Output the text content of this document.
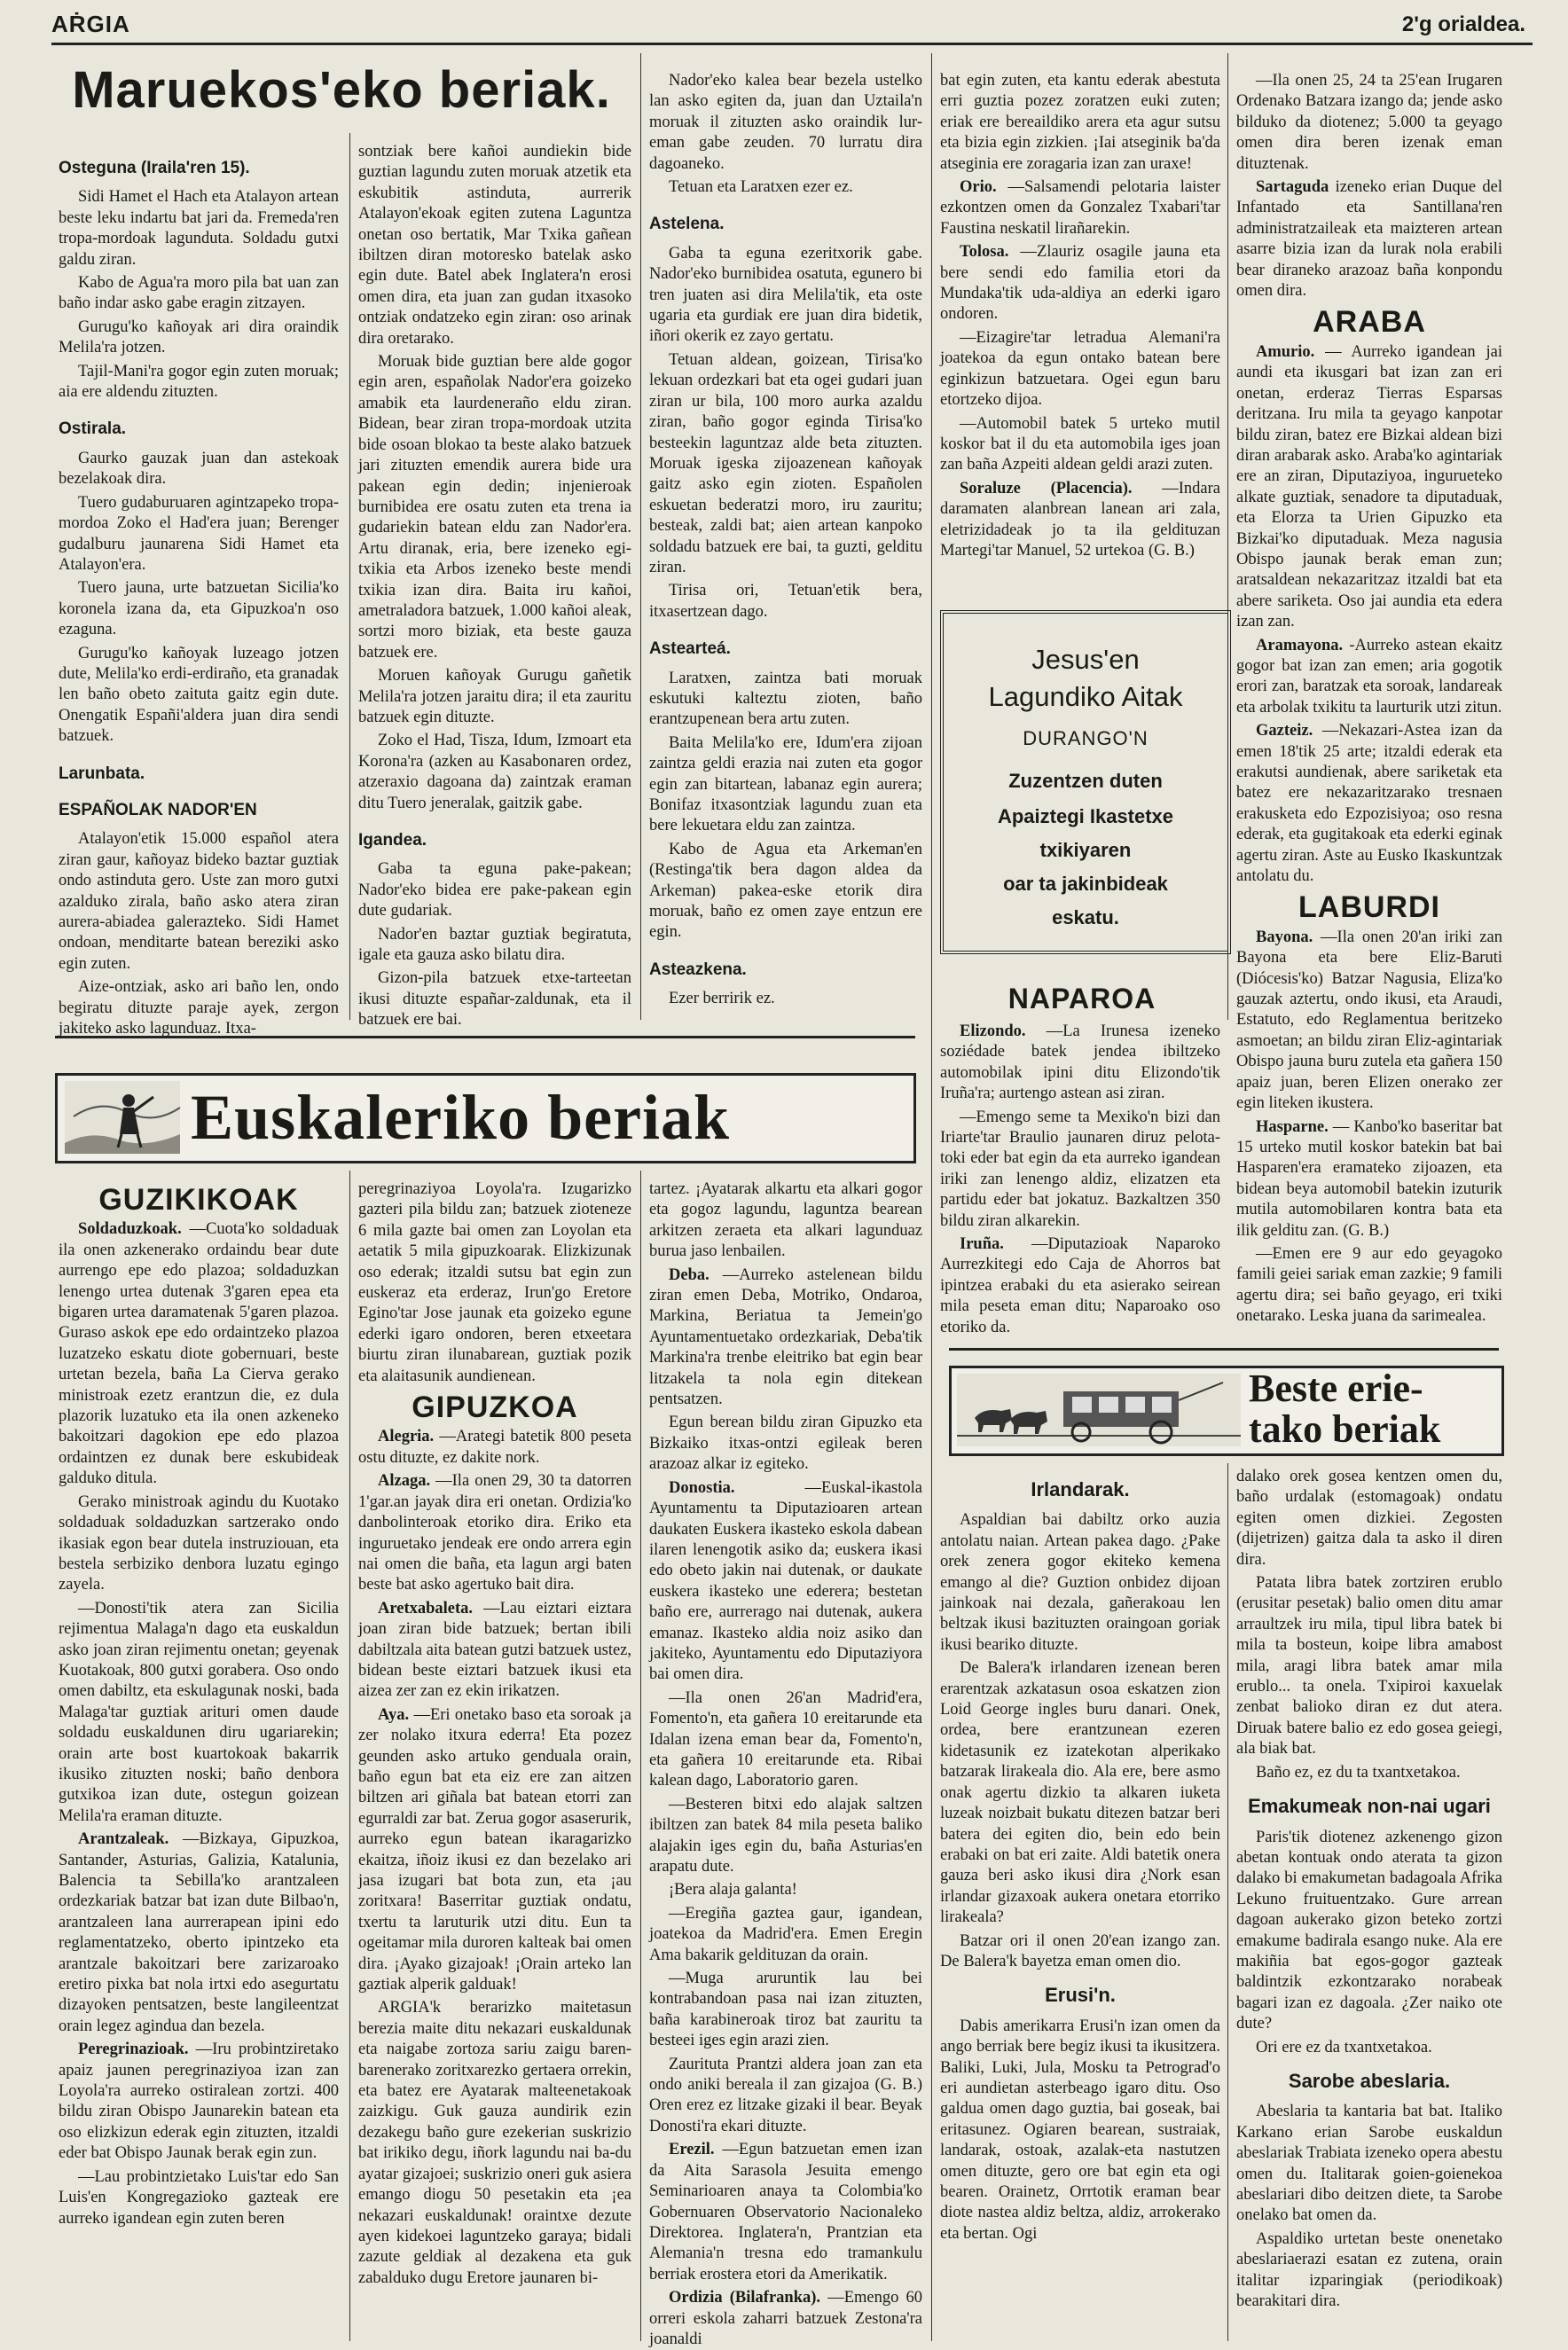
AṘGIA	2'g orialdea.
Maruekos'eko beriak.
Osteguna (Iraila'ren 15).

Sidi Hamet el Hach eta Atalayon artean beste leku indartu bat jari da. Fremeda'ren tropa-mordoak lagunduta. Soldadu gutxi galdu ziran.

Kabo de Agua'ra moro pila bat uan zan baño indar asko gabe eragin zitzayen.

Gurugu'ko kañoyak ari dira oraindik Melila'ra jotzen.

Tajil-Mani'ra gogor egin zuten moruak; aia ere aldendu zituzten.

Ostirala.

Gaurko gauzak juan dan astekoak bezelakoak dira.

Tuero gudaburuaren agintzapeko tropa-mordoa Zoko el Had'era juan; Berenger gudalburu jaunarena Sidi Hamet eta Atalayon'era.

Tuero jauna, urte batzuetan Sicilia'ko koronela izana da, eta Gipuzkoa'n oso ezaguna.

Gurugu'ko kañoyak luzeago jotzen dute, Melila'ko erdi-erdiraño, eta granadak len baño obeto zaituta gaitz egin dute. Onengatik Españi'aldera juan dira sendi batzuek.

Larunbata.
ESPAÑOLAK NADOR'EN

Atalayon'etik 15.000 español atera ziran gaur, kañoyaz bideko baztar guztiak ondo astinduta gero. Uste zan moro gutxi azalduko zirala, baño asko atera ziran aurera-abiadea galerazteko. Sidi Hamet ondoan, menditarte batean bereziki asko egin zuten.

Aize-ontziak, asko ari baño len, ondo begiratu dituzte paraje ayek, zergon jakiteko asko lagunduaz. Itxa-

sontziak bere kañoi aundiekin bide guztian lagundu zuten moruak atzetik eta eskubitik astinduta, aurrerik Atalayon'ekoak egiten zutena Laguntza onetan oso bertatik, Mar Txika gañean ibiltzen diran motoresko batelak asko egin dute. Batel abek Inglatera'n erosi omen dira, eta juan zan gudan itxasoko ontziak ondatzeko egin ziran: oso arinak dira oretarako.

Moruak bide guztian bere alde gogor egin aren, españolak Nador'era goizeko amabik eta laurdeneraño eldu ziran. Bidean, bear ziran tropa-mordoak utzita bide osoan blokao ta beste alako batzuek jari zituzten emendik aurera bide ura pakean egin dedin; injenieroak burnibidea ere osatu zuten eta trena ia gudariekin batean eldu zan Nador'era. Artu diranak, eria, bere izeneko egi-txikia eta Arbos izeneko beste mendi txikia izan dira. Baita iru kañoi, ametraladora batzuek, 1.000 kañoi aleak, sortzi moro biziak, eta beste gauza batzuek ere.

Moruen kañoyak Gurugu gañetik Melila'ra jotzen jaraitu dira; il eta zauritu batzuek egin dituzte.

Zoko el Had, Tisza, Idum, Izmoart eta Korona'ra (azken au Kasabonaren ordez, atzeraxio dagoana da) zaintzak eraman ditu Tuero jeneralak, gaitzik gabe.

Igandea.

Gaba ta eguna pake-pakean; Nador'eko bidea ere pake-pakean egin dute gudariak.

Nador'en baztar guztiak begiratuta, igale eta gauza asko bilatu dira.

Gizon-pila batzuek etxe-tarteetan ikusi dituzte españar-zaldunak, eta il batzuek ere bai.

Nador'eko kalea bear bezela ustelko lan asko egiten da, juan dan Uztaila'n moruak il zituzten asko oraindik lur-eman gabe zeuden. 70 lurratu dira dagoaneko.

Tetuan eta Laratxen ezer ez.

Astelena.

Gaba ta eguna ezeritxorik gabe. Nador'eko burnibidea osatuta, egunero bi tren juaten asi dira Melila'tik, eta oste ugaria eta gurdiak ere juan dira bidetik, iñori okerik ez zayo gertatu.

Tetuan aldean, goizean, Tirisa'ko lekuan ordezkari bat eta ogei gudari juan ziran ur bila, 100 moro aurka azaldu ziran, baño gogor eginda Tirisa'ko besteekin laguntzaz alde beta zituzten. Moruak igeska zijoazenean kañoyak gaitz asko egin zioten. Españolen eskuetan bederatzi moro, iru zauritu; besteak, zaldi bat; aien artean kanpoko soldadu batzuek ere bai, ta guzti, gelditu ziran.

Tirisa ori, Tetuan'etik bera, itxasertzean dago.

Astearteá.

Laratxen, zaintza bati moruak eskutuki kalteztu zioten, baño erantzupenean bera artu zuten.

Baita Melila'ko ere, Idum'era zijoan zaintza geldi erazia nai zuten eta gogor egin zan bitartean, labanaz egin aurera; Bonifaz itxasontziak lagundu zuan eta bere lekuetara eldu zan zaintza.

Kabo de Agua eta Arkeman'en (Restinga'tik bera dagon aldea da Arkeman) pakea-eske etorik dira moruak, baño ez omen zaye entzun ere egin.

Asteazkena.

Ezer berririk ez.

bat egin zuten, eta kantu ederak abestuta erri guztia pozez zoratzen euki zuten; eriak ere bereaildiko arera eta agur sutsu eta bizia egin zizkien. ¡Iai atseginik ba'da atseginia ere zoragaria izan zan uraxe!

Orio. —Salsamendi pelotaria laister ezkontzen omen da Gonzalez Txabari'tar Faustina neskatil lirañarekin.

Tolosa. —Zlauriz osagile jauna eta bere sendi edo familia etori da Mundaka'tik uda-aldiya an ederki igaro ondoren.

—Eizagire'tar letradua Alemani'ra joatekoa da egun ontako batean bere eginkizun batzuetara. Ogei egun baru etortzeko dijoa.

—Automobil batek 5 urteko mutil koskor bat il du eta automobila iges joan zan baña Azpeiti aldean geldi arazi zuten.

Soraluze (Placencia). —Indara daramaten alanbrean lanean ari zala, eletrizidadeak jo ta ila geldituzan Martegi'tar Manuel, 52 urtekoa (G. B.)

Jesus'en
Lagundiko Aitak
DURANGO'N
Zuzentzen duten
Apaiztegi Ikastetxe
txikiyaren
oar ta jakinbideak
eskatu.
NAPAROA

Elizondo. —La Irunesa izeneko soziédade batek jendea ibiltzeko automobilak ipini ditu Elizondo'tik Iruña'ra; aurtengo astean asi ziran.

—Emengo seme ta Mexiko'n bizi dan Iriarte'tar Braulio jaunaren diruz pelota-toki eder bat egin da eta aurreko igandean iriki zan lenengo aldiz, elizatzen eta partidu eder bat jokatuz. Bazkaltzen 350 bildu ziran alkarekin.

Iruña. —Diputazioak Naparoko Aurrezkitegi edo Caja de Ahorros bat ipintzea erabaki du eta asierako seirean mila peseta eman ditu; Naparoako oso etoriko da.

—Ila onen 25, 24 ta 25'ean Irugaren Ordenako Batzara izango da; jende asko bilduko da diotenez; 5.000 ta geyago omen dira beren izenak eman dituztenak.

Sartaguda izeneko erian Duque del Infantado eta Santillana'ren administratzaileak eta maizteren artean asarre bizia izan da lurak nola erabili bear diraneko arazoaz baña konpondu omen dira.

ARABA

Amurio. — Aurreko igandean jai aundi eta ikusgari bat izan zan eri onetan, erderaz Tierras Esparsas deritzana. Iru mila ta geyago kanpotar bildu ziran, batez ere Bizkai aldean bizi diran arabarak asko. Araba'ko agintariak ere an ziran, Diputaziyoa, ingurueteko alkate guztiak, senadore ta diputaduak, eta Elorza ta Urien Gipuzko eta Bizkai'ko diputaduak. Meza nagusia Obispo jaunak berak eman zun; aratsaldean nekazaritzaz itzaldi bat eta abere sariketa. Oso jai aundia eta edera izan zan.

Aramayona. -Aurreko astean ekaitz gogor bat izan zan emen; aria gogotik erori zan, baratzak eta soroak, landareak eta arbolak txikitu ta laurturik utzi zitun.

Gazteiz. —Nekazari-Astea izan da emen 18'tik 25 arte; itzaldi ederak eta erakutsi aundienak, abere sariketak eta batez ere nekazaritzarako tresnaen erakusketa edo Ezpozisiyoa; oso resna ederak, eta gugitakoak eta ederki eginak agertu ziran. Aste au Eusko Ikaskuntzak antolatu du.

LABURDI

Bayona. —Ila onen 20'an iriki zan Bayona eta bere Eliz-Baruti (Diócesis'ko) Batzar Nagusia, Eliza'ko gauzak aztertu, ondo ikusi, eta Araudi, Estatuto, edo Reglamentua beritzeko asmoetan; an bildu ziran Eliz-agintariak Obispo jauna buru zutela eta gañera 150 apaiz juan, beren Elizen onerako zer egin liteken ikustera.

Hasparne. — Kanbo'ko baseritar bat 15 urteko mutil koskor batekin bat bai Hasparen'era eramateko zijoazen, eta bidean beya automobil batekin izuturik mutila automobilaren kontra bata eta ilik gelditu zan. (G. B.)

—Emen ere 9 aur edo geyagoko famili geiei sariak eman zazkie; 9 famili agertu dira; sei baño geyago, eri txiki onetarako. Leska juana da sarimealea.

Euskaleriko beriak
GUZIKIKOAK

Soldaduzkoak. —Cuota'ko soldaduak ila onen azkenerako ordaindu bear dute aurrengo epe edo plazoa; soldaduzkan lenengo urtea dutenak 3'garen epea eta bigaren urtea daramatenak 5'garen plazoa. Guraso askok epe edo ordaintzeko plazoa luzatzeko eskatu diote gobernuari, beste urtetan bezela, baña La Cierva gerako ministroak ezetz erantzun die, ez dula plazorik luzatuko eta ila onen azkeneko bakoitzari dagokion epe edo plazoa ordaintzen ez dunak bere eskubideak galduko ditula.

Gerako ministroak agindu du Kuotako soldaduak soldaduzkan sartzerako ondo ikasiak egon bear dutela instruziouan, eta bestela serbiziko denbora luzatu egingo zayela.

—Donosti'tik atera zan Sicilia rejimentua Malaga'n dago eta euskaldun asko joan ziran rejimentu onetan; geyenak Kuotakoak, 800 gutxi gorabera. Oso ondo omen dabiltz, eta eskulagunak noski, bada Malaga'tar guztiak arituri omen daude soldadu euskaldunen diru ugariarekin; orain arte bost kuartokoak bakarrik ikusiko zituzten noski; baño denbora gutxikoa izan dute, ostegun goizean Melila'ra eraman dituzte.

Arantzaleak. —Bizkaya, Gipuzkoa, Santander, Asturias, Galizia, Katalunia, Balencia ta Sebilla'ko arantzaleen ordezkariak batzar bat izan dute Bilbao'n, arantzaleen lana aurrerapean ipini edo reglamentatzeko, oberto ipintzeko eta arantzale bakoitzari bere zarizaroako eretiro pixka bat nola irtxi edo asegurtatu dizayoken pentsatzen, beste langileentzat orain legez agindua dan bezela.

Peregrinazioak. —Iru probintziretako apaiz jaunen peregrinaziyoa izan zan Loyola'ra aurreko ostiralean zortzi. 400 bildu ziran Obispo Jaunarekin batean eta oso elizkizun ederak egin zituzten, itzaldi eder bat Obispo Jaunak berak egin zun.

—Lau probintzietako Luis'tar edo San Luis'en Kongregazioko gazteak ere aurreko igandean egin zuten beren

peregrinaziyoa Loyola'ra. Izugarizko gazteri pila bildu zan; batzuek zioteneze 6 mila gazte bai omen zan Loyolan eta aetatik 5 mila gipuzkoarak. Elizkizunak oso ederak; itzaldi sutsu bat egin zun euskeraz eta erderaz, Irun'go Eretore Egino'tar Jose jaunak eta goizeko egune ederki igaro ondoren, beren etxeetara biurtu ziran ilunabarean, guztiak pozik eta alaitasunik aundienean.

GIPUZKOA

Alegria. —Arategi batetik 800 peseta ostu dituzte, ez dakite nork.

Alzaga. —Ila onen 29, 30 ta datorren 1'gar.an jayak dira eri onetan. Ordizia'ko danbolinteroak etoriko dira. Eriko eta inguruetako jendeak ere ondo arrera egin nai omen die baña, eta lagun argi baten beste bat asko agertuko bait dira.

Aretxabaleta. —Lau eiztari eiztara joan ziran bide batzuek; bertan ibili dabiltzala aita batean gutzi batzuek ustez, bidean beste eiztari batzuek ikusi eta aizea zer zan ez ekin irikatzen.

Aya. —Eri onetako baso eta soroak ¡a zer nolako itxura ederra! Eta pozez geunden asko artuko genduala orain, baño egun bat eta eiz ere zan aitzen biltzen ari giñala bat batean etorri zan egurraldi zar bat. Zerua gogor asaserurik, aurreko egun batean ikaragarizko ekaitza, iñoiz ikusi ez dan bezelako ari jasa izugari bat bota zun, eta ¡au zoritxara! Baserritar guztiak ondatu, txertu ta laruturik utzi ditu. Eun ta ogeitamar mila duroren kalteak bai omen dira. ¡Ayako gizajoak! ¡Orain arteko lan gaztiak alperik galduak!

ARGIA'k berarizko maitetasun berezia maite ditu nekazari euskaldunak eta naigabe zortoza sariu zaigu baren-barenerako zoritxarezko gertaera orrekin, eta batez ere Ayatarak malteenetakoak zaizkigu. Guk gauza aundirik ezin dezakegu baño gure ezekerian suskrizio bat irikiko degu, iñork lagundu nai ba-du ayatar gizajoei; suskrizio oneri guk asiera emango diogu 50 pesetakin eta ¡ea nekazari euskaldunak! oraintxe dezute ayen kidekoei laguntzeko garaya; bidali zazute geldiak al dezakena eta guk zabalduko dugu Eretore jaunaren bi-

tartez. ¡Ayatarak alkartu eta alkari gogor eta gogoz lagundu, laguntza bearean arkitzen zeraeta eta alkari lagunduaz burua jaso lenbailen.

Deba. —Aurreko astelenean bildu ziran emen Deba, Motriko, Ondaroa, Markina, Beriatua ta Jemein'go Ayuntamentuetako ordezkariak, Deba'tik Markina'ra trenbe eleitriko bat egin bear litzakela ta nola egin ditekean pentsatzen.

Egun berean bildu ziran Gipuzko eta Bizkaiko itxas-ontzi egileak beren arazoaz alkar iz egiteko.

Donostia. —Euskal-ikastola Ayuntamentu ta Diputazioaren artean daukaten Euskera ikasteko eskola dabean ilaren lenengotik asiko da; euskera ikasi edo obeto jakin nai dutenak, or daukate euskera ikasteko une ederera; bestetan baño ere, aurrerago nai dutenak, aukera emanaz. Ikasteko aldia noiz asiko dan jakiteko, Ayuntamentu edo Diputaziyora bai omen dira.

—Ila onen 26'an Madrid'era, Fomento'n, eta gañera 10 ereitarunde eta Idalan izena eman bear da, Fomento'n, eta gañera 10 ereitarunde eta. Ribai kalean dago, Laboratorio garen.

—Besteren bitxi edo alajak saltzen ibiltzen zan batek 84 mila peseta baliko alajakin iges egin du, baña Asturias'en arapatu dute.

¡Bera alaja galanta!

—Eregiña gaztea gaur, igandean, joatekoa da Madrid'era. Emen Eregin Ama bakarik geldituzan da orain.

—Muga aruruntik lau bei kontrabandoan pasa nai izan zituzten, baña karabineroak tiroz bat zauritu ta besteei iges egin arazi zien.

Zaurituta Prantzi aldera joan zan eta ondo aniki bereala il zan gizajoa (G. B.) Oren erez ez litzake gizaki il bear. Beyak Donosti'ra ekari dituzte.

Erezil. —Egun batzuetan emen izan da Aita Sarasola Jesuita emengo Seminarioaren anaya ta Colombia'ko Gobernuaren Observatorio Nacionaleko Direktorea. Inglatera'n, Prantzian eta Alemania'n tresna edo tramankulu berriak erostera etori da Amerikatik.

Ordizia (Bilafranka). —Emengo 60 orreri eskola zaharri batzuek Zestona'ra joanaldi

Beste erie-
tako beriak
Irlandarak.

Aspaldian bai dabiltz orko auzia antolatu naian. Artean pakea dago. ¿Pake orek zenera gogor ekiteko kemena emango al die? Guztion onbidez dijoan jainkoak nai dezala, gañerakoau len beltzak ikusi bazituzten oraingoan goriak ikusi beariko dituzte.

De Balera'k irlandaren izenean beren erarentzak azkatasun osoa eskatzen zion Loid George ingles buru danari. Onek, ordea, bere erantzunean ezeren kidetasunik ez izatekotan alperikako batzarak lirakeala dio. Ala ere, bere asmo onak agertu dizkio ta alkaren iuketa luzeak noizbait bukatu ditezen batzar beri batera dei egiten dio, bein edo bein erabaki on bat eri zaite. Aldi batetik onera gauza beri asko ikusi dira ¿Nork esan irlandar gizaxoak aukera onetara etorriko lirakeala?

Batzar ori il onen 20'ean izango zan. De Balera'k bayetza eman omen dio.

Erusi'n.

Dabis amerikarra Erusi'n izan omen da ango berriak bere begiz ikusi ta ikusitzera. Baliki, Luki, Jula, Mosku ta Petrograd'o eri aundietan asterbeago igaro ditu. Oso galdua omen dago guztia, bai goseak, bai eritasunez. Ogiaren bearean, sustraiak, landarak, ostoak, azalak-eta nastutzen omen dituzte, gero ore bat egin eta ogi bearen. Orainetz, Orrtotik eraman bear diote nastea aldiz beltza, aldiz, arrokerako eta bertan. Ogi

dalako orek gosea kentzen omen du, baño urdalak (estomagoak) ondatu egiten omen dizkiei. Zegosten (dijetrizen) gaitza dala ta asko il diren dira.

Patata libra batek zortziren erublo (erusitar pesetak) balio omen ditu amar arraultzek iru mila, tipul libra batek bi mila ta bosteun, koipe libra amabost mila, aragi libra batek amar mila erublo... ta onela. Txipiroi kaxuelak zenbat balioko diran ez dut atera. Diruak batere balio ez edo gosea geiegi, ala biak bat.

Baño ez, ez du ta txantxetakoa.

Emakumeak non-nai ugari

Paris'tik diotenez azkenengo gizon abetan kontuak ondo aterata ta gizon dalako bi emakumetan badagoala Afrika Lekuno fruituentzako. Gure arrean dagoan aukerako gizon beteko zortzi emakume badirala esango nuke. Ala ere makiñia bat egos-gogor gazteak baldintzik ezkontzarako norabeak bagari izan ez dagoala. ¿Zer naiko ote dute?

Ori ere ez da txantxetakoa.

Sarobe abeslaria.

Abeslaria ta kantaria bat bat. Italiko Karkano erian Sarobe euskaldun abeslariak Trabiata izeneko opera abestu omen du. Italitarak goien-goienekoa abeslariari dibo deitzen diete, ta Sarobe onelako bat omen da.

Aspaldiko urtetan beste onenetako abeslariaerazi esatan ez zutena, orain italitar izparingiak (periodikoak) bearakitari dira.
